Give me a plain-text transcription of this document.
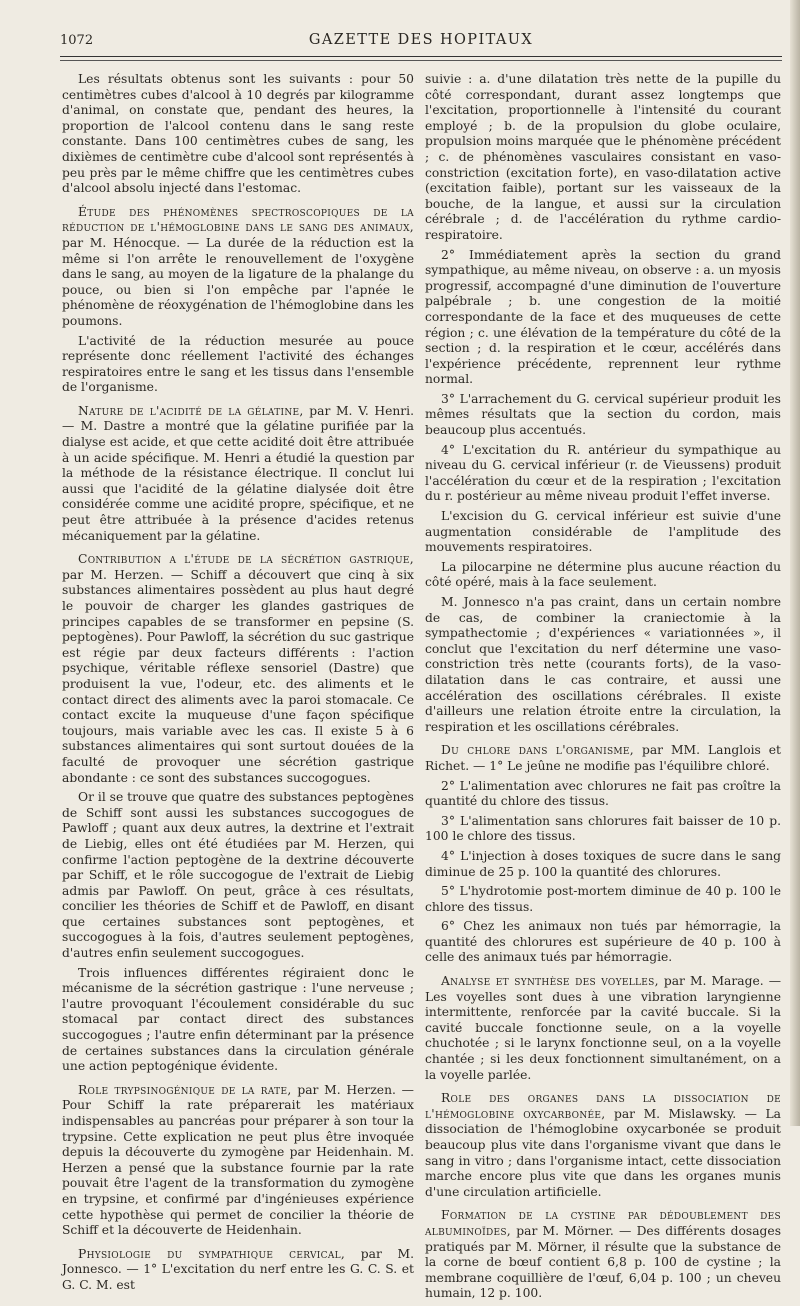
1072	GAZETTE DES HOPITAUX

Les résultats obtenus sont les suivants : pour 50 centimètres cubes d'alcool à 10 degrés par kilogramme d'animal, on constate que, pendant des heures, la proportion de l'alcool contenu dans le sang reste constante. Dans 100 centimètres cubes de sang, les dixièmes de centimètre cube d'alcool sont représentés à peu près par le même chiffre que les centimètres cubes d'alcool absolu injecté dans l'estomac.

Étude des phénomènes spectroscopiques de la réduction de l'hémoglobine dans le sang des animaux, par M. Hénocque. — La durée de la réduction est la même si l'on arrête le renouvellement de l'oxygène dans le sang, au moyen de la ligature de la phalange du pouce, ou bien si l'on empêche par l'apnée le phénomène de réoxygénation de l'hémoglobine dans les poumons.

L'activité de la réduction mesurée au pouce représente donc réellement l'activité des échanges respiratoires entre le sang et les tissus dans l'ensemble de l'organisme.

Nature de l'acidité de la gélatine, par M. V. Henri. — M. Dastre a montré que la gélatine purifiée par la dialyse est acide, et que cette acidité doit être attribuée à un acide spécifique. M. Henri a étudié la question par la méthode de la résistance électrique. Il conclut lui aussi que l'acidité de la gélatine dialysée doit être considérée comme une acidité propre, spécifique, et ne peut être attribuée à la présence d'acides retenus mécaniquement par la gélatine.

Contribution a l'étude de la sécrétion gastrique, par M. Herzen. — Schiff a découvert que cinq à six substances alimentaires possèdent au plus haut degré le pouvoir de charger les glandes gastriques de principes capables de se transformer en pepsine (S. peptogènes). Pour Pawloff, la sécrétion du suc gastrique est régie par deux facteurs différents : l'action psychique, véritable réflexe sensoriel (Dastre) que produisent la vue, l'odeur, etc. des aliments et le contact direct des aliments avec la paroi stomacale. Ce contact excite la muqueuse d'une façon spécifique toujours, mais variable avec les cas. Il existe 5 à 6 substances alimentaires qui sont surtout douées de la faculté de provoquer une sécrétion gastrique abondante : ce sont des substances succogogues.

Or il se trouve que quatre des substances peptogènes de Schiff sont aussi les substances succogogues de Pawloff ; quant aux deux autres, la dextrine et l'extrait de Liebig, elles ont été étudiées par M. Herzen, qui confirme l'action peptogène de la dextrine découverte par Schiff, et le rôle succogogue de l'extrait de Liebig admis par Pawloff. On peut, grâce à ces résultats, concilier les théories de Schiff et de Pawloff, en disant que certaines substances sont peptogènes, et succogogues à la fois, d'autres seulement peptogènes, d'autres enfin seulement succogogues.

Trois influences différentes régiraient donc le mécanisme de la sécrétion gastrique : l'une nerveuse ; l'autre provoquant l'écoulement considérable du suc stomacal par contact direct des substances succogogues ; l'autre enfin déterminant par la présence de certaines substances dans la circulation générale une action peptogénique évidente.

Role trypsinogénique de la rate, par M. Herzen. — Pour Schiff la rate préparerait les matériaux indispensables au pancréas pour préparer à son tour la trypsine. Cette explication ne peut plus être invoquée depuis la découverte du zymogène par Heidenhain. M. Herzen a pensé que la substance fournie par la rate pouvait être l'agent de la transformation du zymogène en trypsine, et confirmé par d'ingénieuses expérience cette hypothèse qui permet de concilier la théorie de Schiff et la découverte de Heidenhain.

Physiologie du sympathique cervical, par M. Jonnesco. — 1° L'excitation du nerf entre les G. C. S. et G. C. M. est

suivie : a. d'une dilatation très nette de la pupille du côté correspondant, durant assez longtemps que l'excitation, proportionnelle à l'intensité du courant employé ; b. de la propulsion du globe oculaire, propulsion moins marquée que le phénomène précédent ; c. de phénomènes vasculaires consistant en vaso-constriction (excitation forte), en vaso-dilatation active (excitation faible), portant sur les vaisseaux de la bouche, de la langue, et aussi sur la circulation cérébrale ; d. de l'accélération du rythme cardio-respiratoire.

2° Immédiatement après la section du grand sympathique, au même niveau, on observe : a. un myosis progressif, accompagné d'une diminution de l'ouverture palpébrale ; b. une congestion de la moitié correspondante de la face et des muqueuses de cette région ; c. une élévation de la température du côté de la section ; d. la respiration et le cœur, accélérés dans l'expérience précédente, reprennent leur rythme normal.

3° L'arrachement du G. cervical supérieur produit les mêmes résultats que la section du cordon, mais beaucoup plus accentués.

4° L'excitation du R. antérieur du sympathique au niveau du G. cervical inférieur (r. de Vieussens) produit l'accélération du cœur et de la respiration ; l'excitation du r. postérieur au même niveau produit l'effet inverse.

L'excision du G. cervical inférieur est suivie d'une augmentation considérable de l'amplitude des mouvements respiratoires.

La pilocarpine ne détermine plus aucune réaction du côté opéré, mais à la face seulement.

M. Jonnesco n'a pas craint, dans un certain nombre de cas, de combiner la craniectomie à la sympathectomie ; d'expériences « variationnées », il conclut que l'excitation du nerf détermine une vaso-constriction très nette (courants forts), de la vaso-dilatation dans le cas contraire, et aussi une accélération des oscillations cérébrales. Il existe d'ailleurs une relation étroite entre la circulation, la respiration et les oscillations cérébrales.

Du chlore dans l'organisme, par MM. Langlois et Richet. — 1° Le jeûne ne modifie pas l'équilibre chloré.

2° L'alimentation avec chlorures ne fait pas croître la quantité du chlore des tissus.

3° L'alimentation sans chlorures fait baisser de 10 p. 100 le chlore des tissus.

4° L'injection à doses toxiques de sucre dans le sang diminue de 25 p. 100 la quantité des chlorures.

5° L'hydrotomie post-mortem diminue de 40 p. 100 le chlore des tissus.

6° Chez les animaux non tués par hémorragie, la quantité des chlorures est supérieure de 40 p. 100 à celle des animaux tués par hémorragie.

Analyse et synthèse des voyelles, par M. Marage. — Les voyelles sont dues à une vibration laryngienne intermittente, renforcée par la cavité buccale. Si la cavité buccale fonctionne seule, on a la voyelle chuchotée ; si le larynx fonctionne seul, on a la voyelle chantée ; si les deux fonctionnent simultanément, on a la voyelle parlée.

Role des organes dans la dissociation de l'hémoglobine oxycarbonée, par M. Mislawsky. — La dissociation de l'hémoglobine oxycarbonée se produit beaucoup plus vite dans l'organisme vivant que dans le sang in vitro ; dans l'organisme intact, cette dissociation marche encore plus vite que dans les organes munis d'une circulation artificielle.

Formation de la cystine par dédoublement des albuminoïdes, par M. Mörner. — Des différents dosages pratiqués par M. Mörner, il résulte que la substance de la corne de bœuf contient 6,8 p. 100 de cystine ; la membrane coquillière de l'œuf, 6,04 p. 100 ; un cheveu humain, 12 p. 100.
